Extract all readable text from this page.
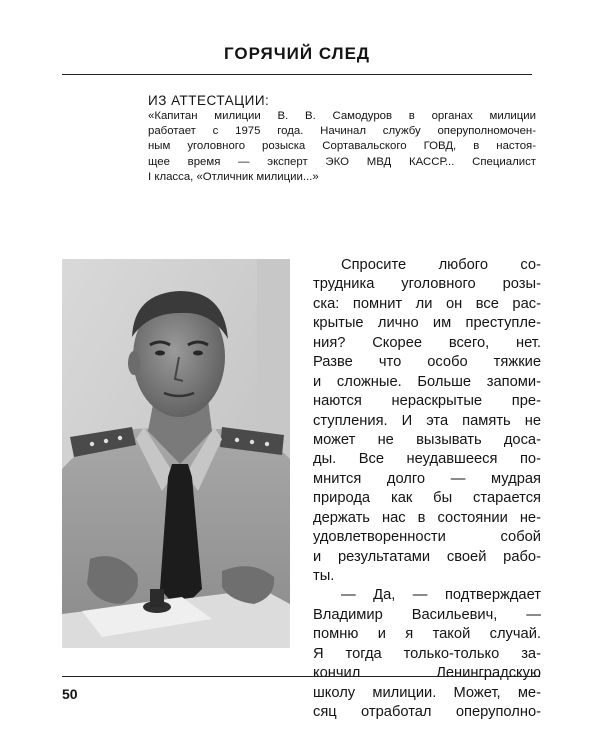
ГОРЯЧИЙ СЛЕД
ИЗ АТТЕСТАЦИИ:
«Капитан милиции В. В. Самодуров в органах милиции
работает с 1975 года. Начинал службу оперуполномочен-
ным уголовного розыска Сортавальского ГОВД, в настоя-
щее время — эксперт ЭКО МВД КАССР... Специалист
I класса, «Отличник милиции...»
Спросите любого со-
трудника уголовного розы-
ска: помнит ли он все рас-
крытые лично им преступле-
ния? Скорее всего, нет.
Разве что особо тяжкие
и сложные. Больше запоми-
наются нераскрытые пре-
ступления. И эта память не
может не вызывать доса-
ды. Все неудавшееся по-
мнится долго — мудрая
природа как бы старается
держать нас в состоянии не-
удовлетворенности собой
и результатами своей рабо-
ты.
— Да, — подтверждает
Владимир Васильевич, —
помню и я такой случай.
Я тогда только-только за-
кончил Ленинградскую
школу милиции. Может, ме-
сяц отработал оперуполно-
50
